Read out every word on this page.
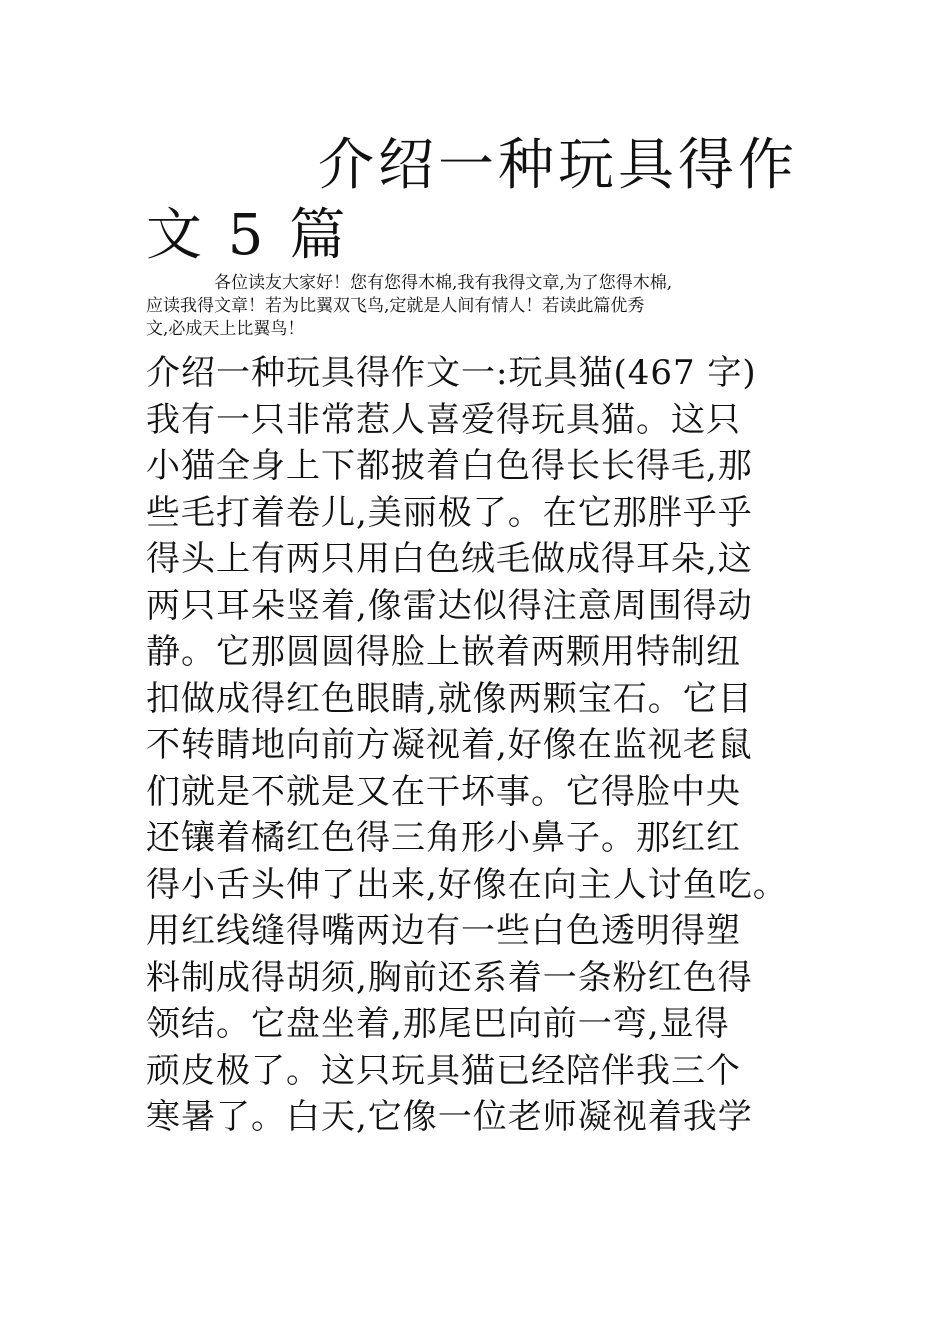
介绍一种玩具得作
文 5 篇
各位读友大家好！您有您得木棉,我有我得文章,为了您得木棉,
应读我得文章！若为比翼双飞鸟,定就是人间有情人！若读此篇优秀
文,必成天上比翼鸟！
介绍一种玩具得作文一:玩具猫(467 字)
我有一只非常惹人喜爱得玩具猫。这只
小猫全身上下都披着白色得长长得毛,那
些毛打着卷儿,美丽极了。在它那胖乎乎
得头上有两只用白色绒毛做成得耳朵,这
两只耳朵竖着,像雷达似得注意周围得动
静。它那圆圆得脸上嵌着两颗用特制纽
扣做成得红色眼睛,就像两颗宝石。它目
不转睛地向前方凝视着,好像在监视老鼠
们就是不就是又在干坏事。它得脸中央
还镶着橘红色得三角形小鼻子。那红红
得小舌头伸了出来,好像在向主人讨鱼吃。
用红线缝得嘴两边有一些白色透明得塑
料制成得胡须,胸前还系着一条粉红色得
领结。它盘坐着,那尾巴向前一弯,显得
顽皮极了。这只玩具猫已经陪伴我三个
寒暑了。白天,它像一位老师凝视着我学
